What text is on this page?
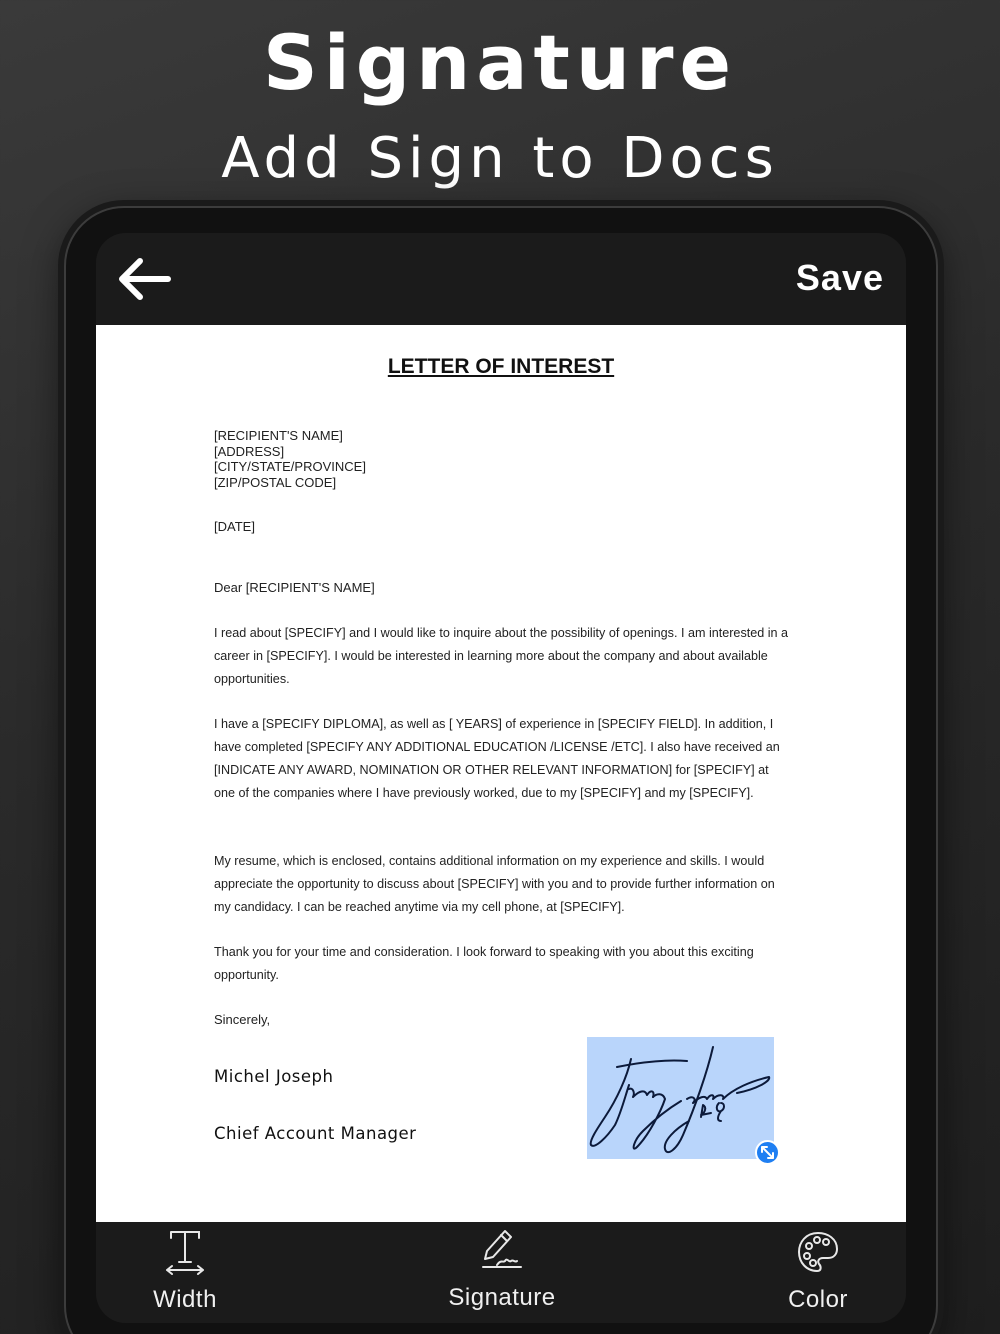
Signature
Add Sign to Docs
Save
LETTER OF INTEREST
[RECIPIENT'S NAME]
[ADDRESS]
[CITY/STATE/PROVINCE]
[ZIP/POSTAL CODE]
[DATE]
Dear [RECIPIENT'S NAME]
I read about [SPECIFY] and I would like to inquire about the possibility of openings. I am interested in a career in [SPECIFY]. I would be interested in learning more about the company and about available opportunities.
I have a [SPECIFY DIPLOMA], as well as [ YEARS] of experience in [SPECIFY FIELD]. In addition, I have completed [SPECIFY ANY ADDITIONAL EDUCATION /LICENSE /ETC]. I also have received an [INDICATE ANY AWARD, NOMINATION OR OTHER RELEVANT INFORMATION] for [SPECIFY] at one of the companies where I have previously worked, due to my [SPECIFY] and my [SPECIFY].
My resume, which is enclosed, contains additional information on my experience and skills. I would appreciate the opportunity to discuss about [SPECIFY] with you and to provide further information on my candidacy. I can be reached anytime via my cell phone, at [SPECIFY].
Thank you for your time and consideration. I look forward to speaking with you about this exciting opportunity.
Sincerely,
Michel Joseph
Chief Account Manager
Width	Signature	Color
